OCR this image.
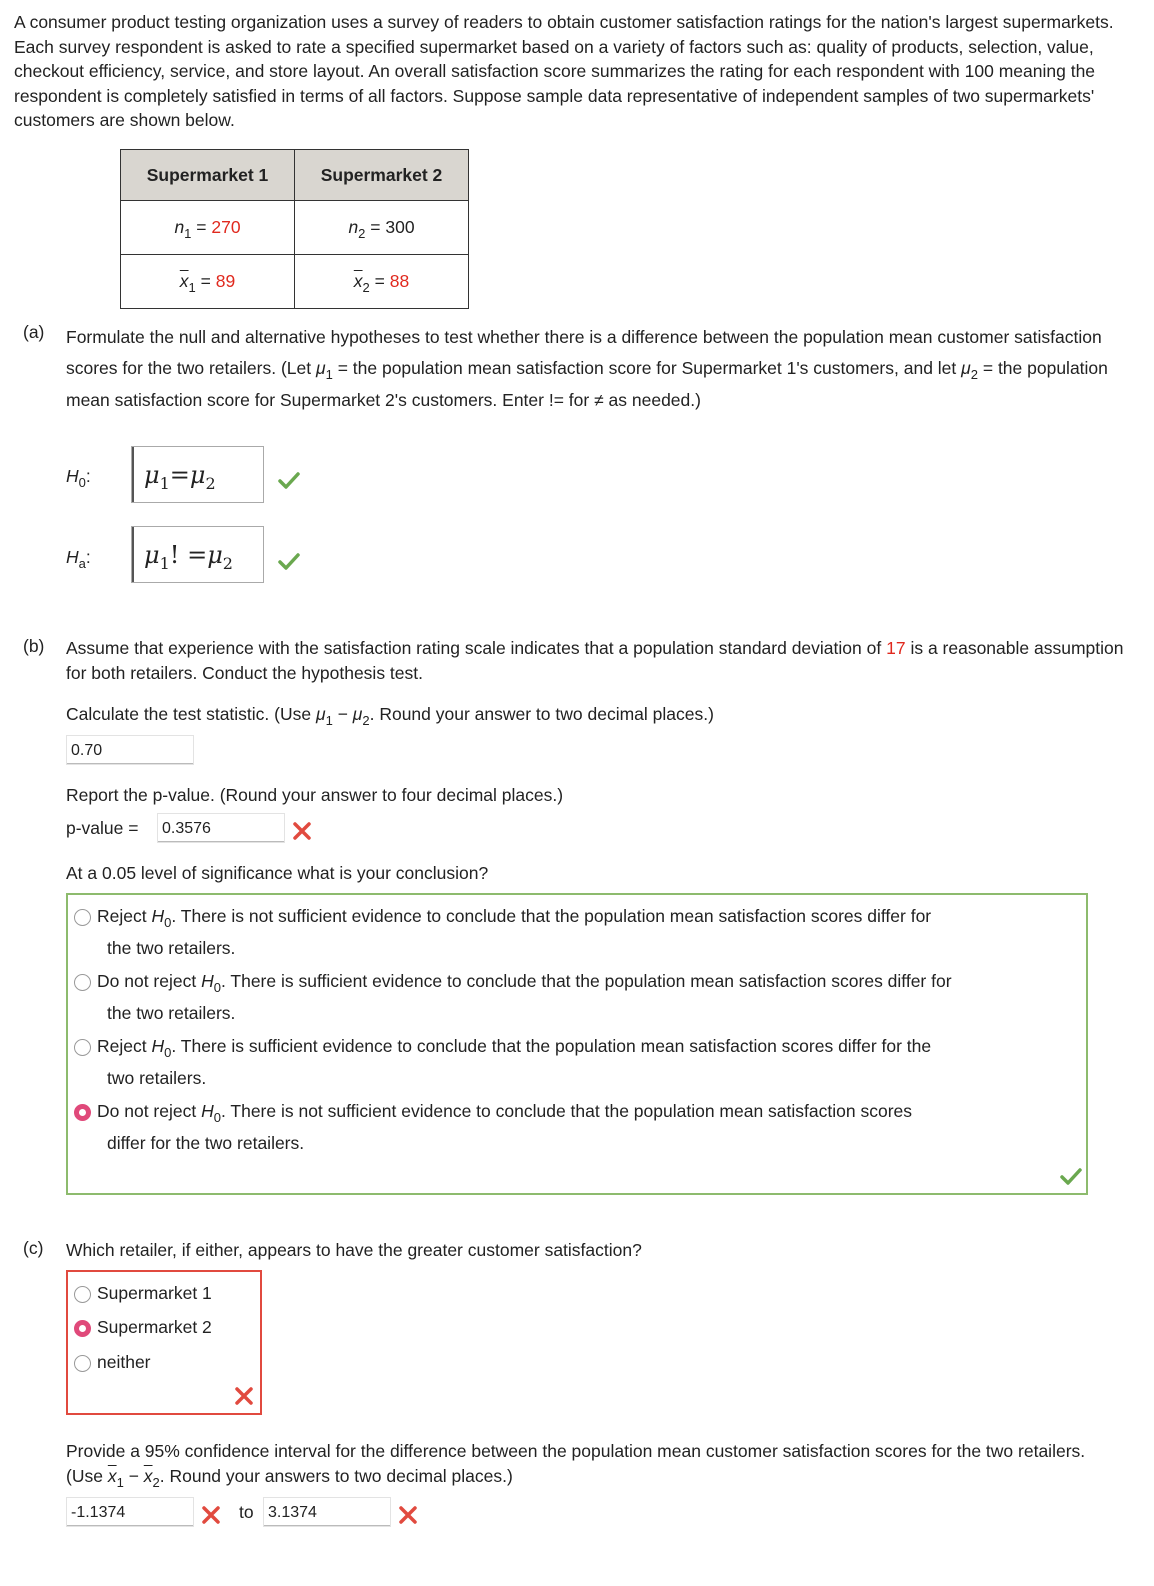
A consumer product testing organization uses a survey of readers to obtain customer satisfaction ratings for the nation's largest supermarkets. Each survey respondent is asked to rate a specified supermarket based on a variety of factors such as: quality of products, selection, value, checkout efficiency, service, and store layout. An overall satisfaction score summarizes the rating for each respondent with 100 meaning the respondent is completely satisfied in terms of all factors. Suppose sample data representative of independent samples of two supermarkets' customers are shown below.
Supermarket 1	Supermarket 2
$n_1 = 270$	$n_2 = 300$
$\overline{x}_1 = 89$	$\overline{x}_2 = 88$
(a) Formulate the null and alternative hypotheses to test whether there is a difference between the population mean customer satisfaction scores for the two retailers. (Let $\mu_1$ = the population mean satisfaction score for Supermarket 1's customers, and let $\mu_2$ = the population mean satisfaction score for Supermarket 2's customers. Enter != for ≠ as needed.)
$H_0$:	$\mu_1=\mu_2$
$H_a$:	$\mu_1$! $=\mu_2$
(b) Assume that experience with the satisfaction rating scale indicates that a population standard deviation of 17 is a reasonable assumption for both retailers. Conduct the hypothesis test.
Calculate the test statistic. (Use $\mu_1 - \mu_2$. Round your answer to two decimal places.)
0.70
Report the p-value. (Round your answer to four decimal places.)
p-value =	0.3576
At a 0.05 level of significance what is your conclusion?
Reject $H_0$. There is not sufficient evidence to conclude that the population mean satisfaction scores differ for
the two retailers.
Do not reject $H_0$. There is sufficient evidence to conclude that the population mean satisfaction scores differ for
the two retailers.
Reject $H_0$. There is sufficient evidence to conclude that the population mean satisfaction scores differ for the
two retailers.
Do not reject $H_0$. There is not sufficient evidence to conclude that the population mean satisfaction scores
differ for the two retailers.
(c) Which retailer, if either, appears to have the greater customer satisfaction?
Supermarket 1
Supermarket 2
neither
Provide a 95% confidence interval for the difference between the population mean customer satisfaction scores for the two retailers. (Use $\overline{x}_1 - \overline{x}_2$. Round your answers to two decimal places.)
-1.1374	to 3.1374
